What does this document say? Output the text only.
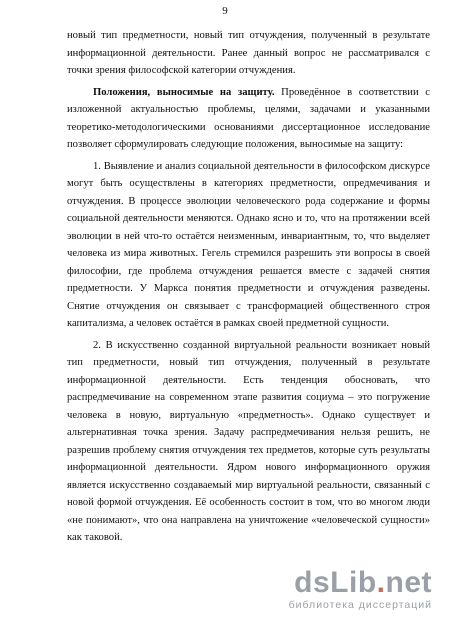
9

новый тип предметности, новый тип отчуждения, полученный в результате информационной деятельности. Ранее данный вопрос не рассматривался с точки зрения философской категории отчуждения.

Положения, выносимые на защиту. Проведённое в соответствии с изложенной актуальностью проблемы, целями, задачами и указанными теоретико-методологическими основаниями диссертационное исследование позволяет сформулировать следующие положения, выносимые на защиту:

1. Выявление и анализ социальной деятельности в философском дискурсе могут быть осуществлены в категориях предметности, опредмечивания и отчуждения. В процессе эволюции человеческого рода содержание и формы социальной деятельности меняются. Однако ясно и то, что на протяжении всей эволюции в ней что-то остаётся неизменным, инвариантным, то, что выделяет человека из мира животных. Гегель стремился разрешить эти вопросы в своей философии, где проблема отчуждения решается вместе с задачей снятия предметности. У Маркса понятия предметности и отчуждения разведены. Снятие отчуждения он связывает с трансформацией общественного строя капитализма, а человек остаётся в рамках своей предметной сущности.

2. В искусственно созданной виртуальной реальности возникает новый тип предметности, новый тип отчуждения, полученный в результате информационной деятельности. Есть тенденция обосновать, что распредмечивание на современном этапе развития социума – это погружение человека в новую, виртуальную «предметность». Однако существует и альтернативная точка зрения. Задачу распредмечивания нельзя решить, не разрешив проблему снятия отчуждения тех предметов, которые суть результаты информационной деятельности. Ядром нового информационного оружия является искусственно создаваемый мир виртуальной реальности, связанный с новой формой отчуждения. Её особенность состоит в том, что во многом люди «не понимают», что она направлена на уничтожение «человеческой сущности» как таковой.

dsLib.net
библиотека диссертаций
